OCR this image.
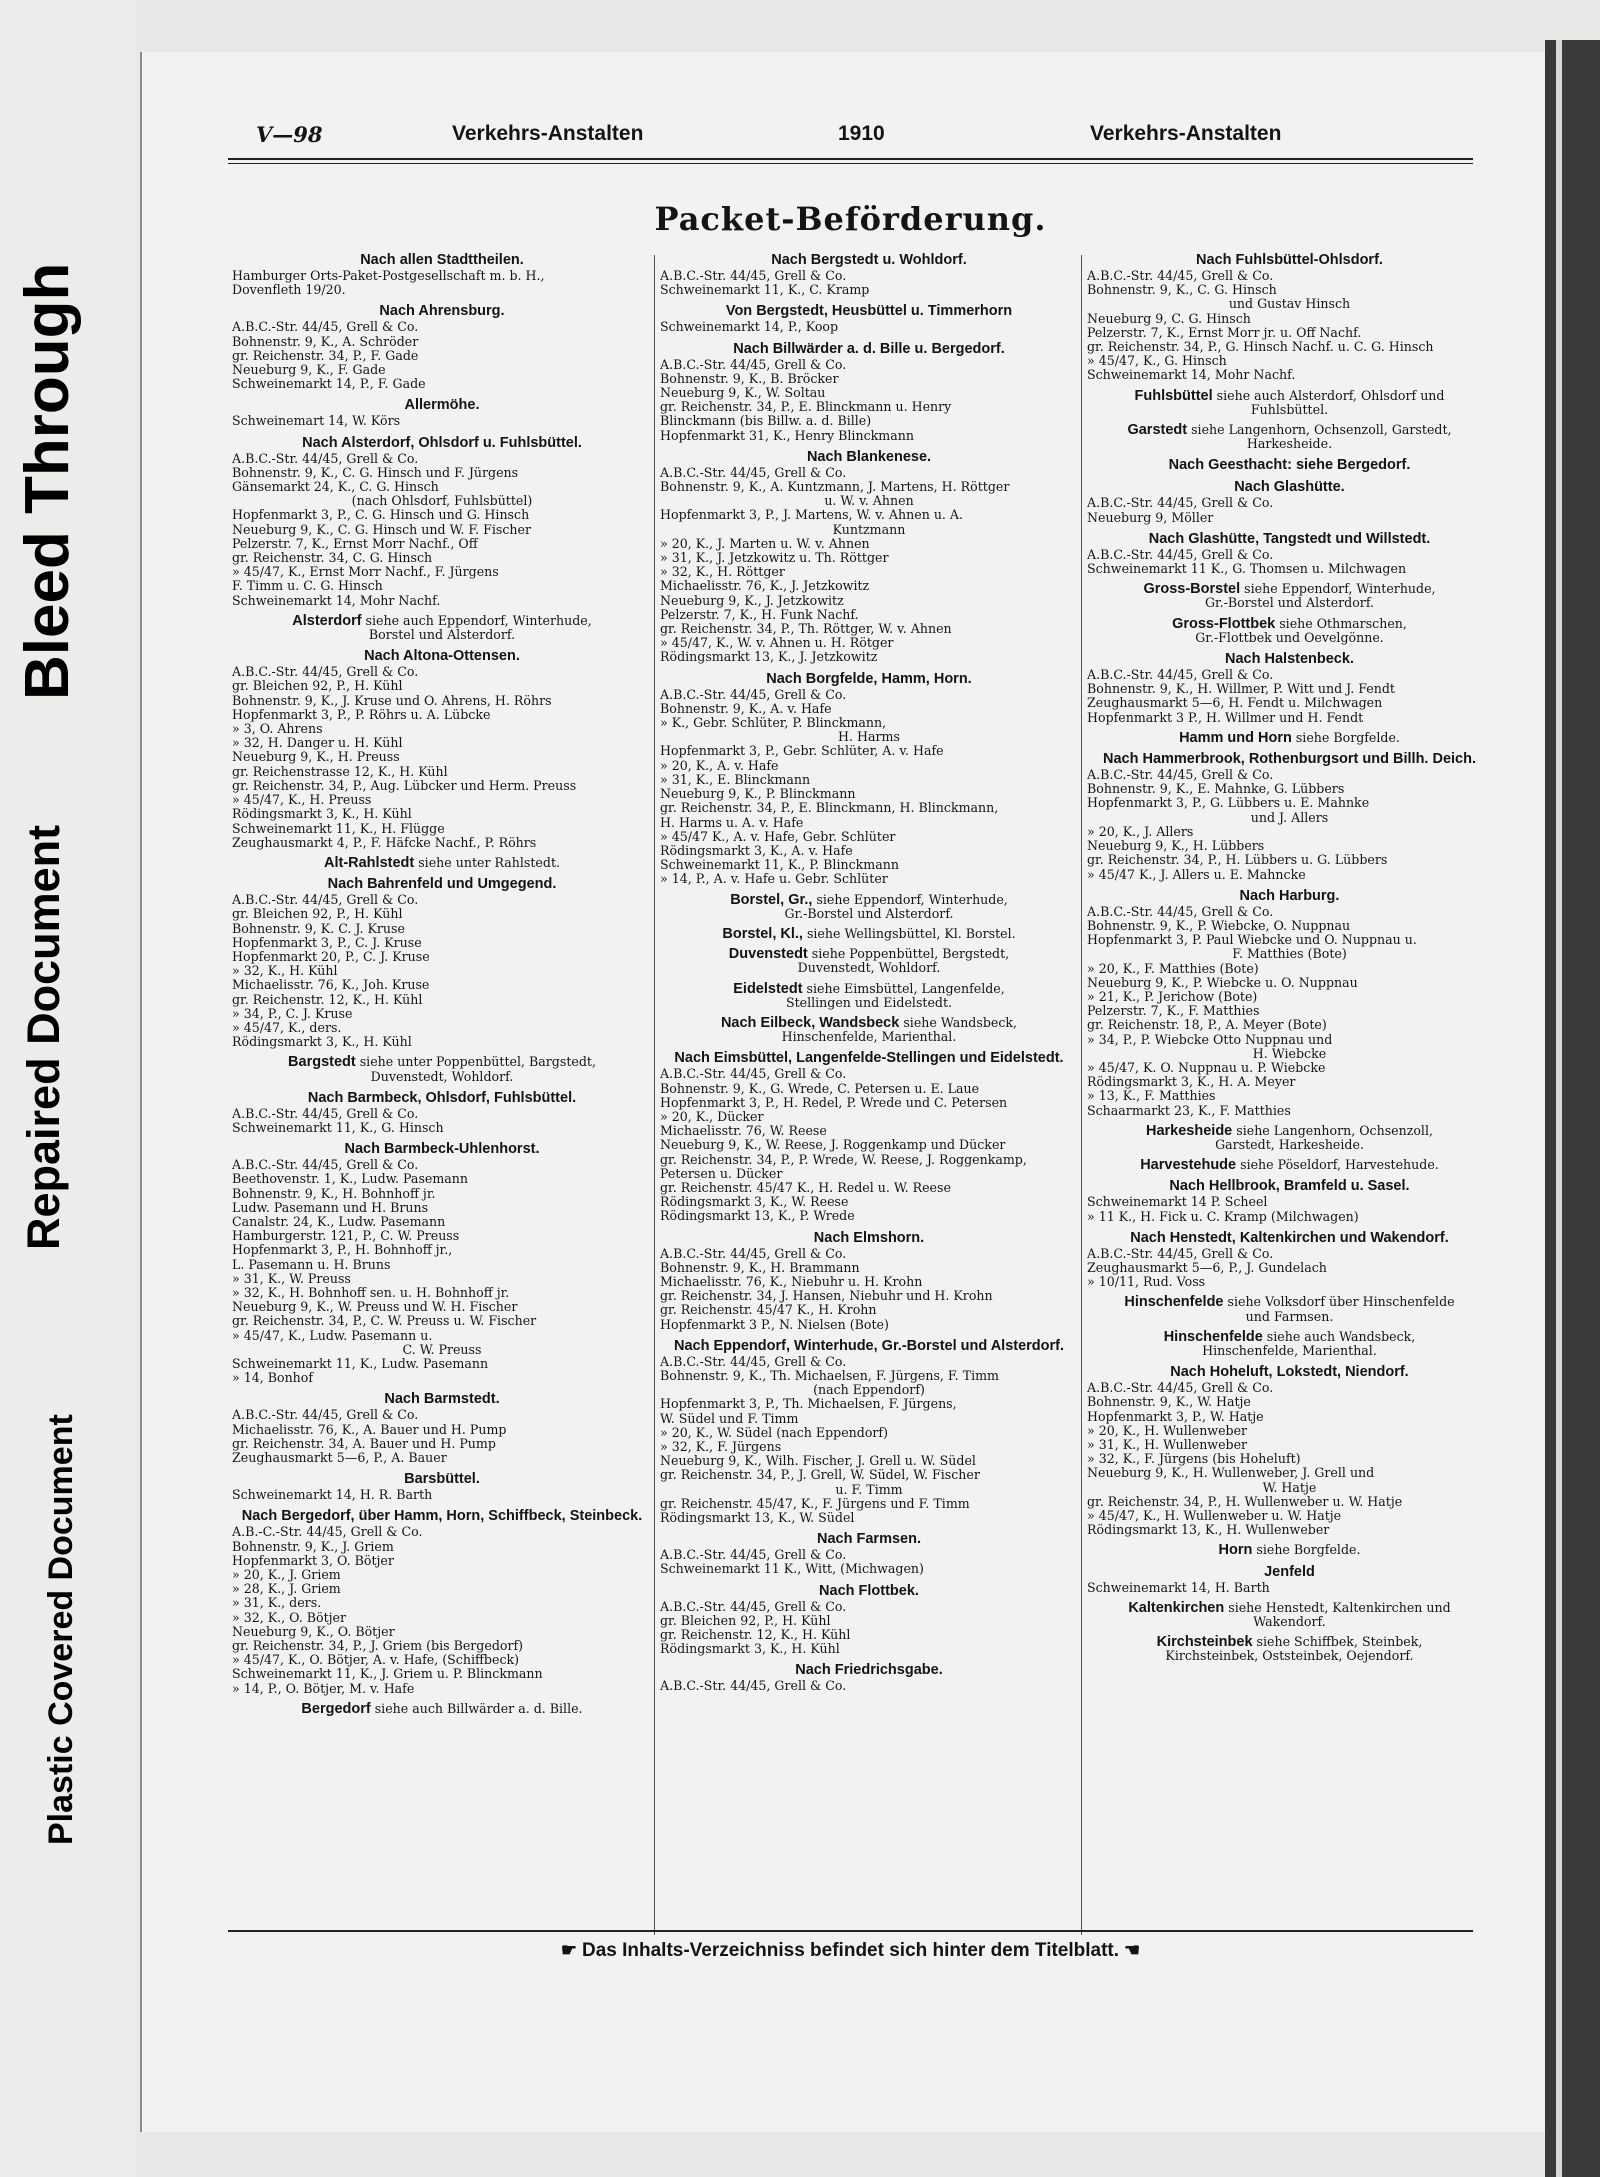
Bleed Through
Repaired Document
Plastic Covered Document
V—98	Verkehrs-Anstalten	1910	Verkehrs-Anstalten
Packet-Beförderung.
Nach allen Stadttheilen.
Hamburger Orts-Paket-Postgesellschaft m. b. H.,
Dovenfleth 19/20.
Nach Ahrensburg.
A.B.C.-Str. 44/45, Grell & Co.
Bohnenstr. 9, K., A. Schröder
gr. Reichenstr. 34, P., F. Gade
Neueburg 9, K., F. Gade
Schweinemarkt 14, P., F. Gade
Allermöhe.
Schweinemart 14, W. Körs
Nach Alsterdorf, Ohlsdorf u. Fuhlsbüttel.
A.B.C.-Str. 44/45, Grell & Co.
Bohnenstr. 9, K., C. G. Hinsch und F. Jürgens
Gänsemarkt 24, K., C. G. Hinsch
(nach Ohlsdorf, Fuhlsbüttel)
Hopfenmarkt 3, P., C. G. Hinsch und G. Hinsch
Neueburg 9, K., C. G. Hinsch und W. F. Fischer
Pelzerstr. 7, K., Ernst Morr Nachf., Off
gr. Reichenstr. 34, C. G. Hinsch
» 45/47, K., Ernst Morr Nachf., F. Jürgens
F. Timm u. C. G. Hinsch
Schweinemarkt 14, Mohr Nachf.
Alsterdorf siehe auch Eppendorf, Winterhude,
Borstel und Alsterdorf.
Nach Altona-Ottensen.
A.B.C.-Str. 44/45, Grell & Co.
gr. Bleichen 92, P., H. Kühl
Bohnenstr. 9, K., J. Kruse und O. Ahrens, H. Röhrs
Hopfenmarkt 3, P., P. Röhrs u. A. Lübcke
» 3, O. Ahrens
» 32, H. Danger u. H. Kühl
Neueburg 9, K., H. Preuss
gr. Reichenstrasse 12, K., H. Kühl
gr. Reichenstr. 34, P., Aug. Lübcker und Herm. Preuss
» 45/47, K., H. Preuss
Rödingsmarkt 3, K., H. Kühl
Schweinemarkt 11, K., H. Flügge
Zeughausmarkt 4, P., F. Häfcke Nachf., P. Röhrs
Alt-Rahlstedt siehe unter Rahlstedt.
Nach Bahrenfeld und Umgegend.
A.B.C.-Str. 44/45, Grell & Co.
gr. Bleichen 92, P., H. Kühl
Bohnenstr. 9, K. C. J. Kruse
Hopfenmarkt 3, P., C. J. Kruse
Hopfenmarkt 20, P., C. J. Kruse
» 32, K., H. Kühl
Michaelisstr. 76, K., Joh. Kruse
gr. Reichenstr. 12, K., H. Kühl
» 34, P., C. J. Kruse
» 45/47, K., ders.
Rödingsmarkt 3, K., H. Kühl
Bargstedt siehe unter Poppenbüttel, Bargstedt,
Duvenstedt, Wohldorf.
Nach Barmbeck, Ohlsdorf, Fuhlsbüttel.
A.B.C.-Str. 44/45, Grell & Co.
Schweinemarkt 11, K., G. Hinsch
Nach Barmbeck-Uhlenhorst.
A.B.C.-Str. 44/45, Grell & Co.
Beethovenstr. 1, K., Ludw. Pasemann
Bohnenstr. 9, K., H. Bohnhoff jr.
Ludw. Pasemann und H. Bruns
Canalstr. 24, K., Ludw. Pasemann
Hamburgerstr. 121, P., C. W. Preuss
Hopfenmarkt 3, P., H. Bohnhoff jr.,
L. Pasemann u. H. Bruns
» 31, K., W. Preuss
» 32, K., H. Bohnhoff sen. u. H. Bohnhoff jr.
Neueburg 9, K., W. Preuss und W. H. Fischer
gr. Reichenstr. 34, P., C. W. Preuss u. W. Fischer
» 45/47, K., Ludw. Pasemann u.
C. W. Preuss
Schweinemarkt 11, K., Ludw. Pasemann
» 14, Bonhof
Nach Barmstedt.
A.B.C.-Str. 44/45, Grell & Co.
Michaelisstr. 76, K., A. Bauer und H. Pump
gr. Reichenstr. 34, A. Bauer und H. Pump
Zeughausmarkt 5—6, P., A. Bauer
Barsbüttel.
Schweinemarkt 14, H. R. Barth
Nach Bergedorf, über Hamm, Horn, Schiffbeck, Steinbeck.
A.B.-C.-Str. 44/45, Grell & Co.
Bohnenstr. 9, K., J. Griem
Hopfenmarkt 3, O. Bötjer
» 20, K., J. Griem
» 28, K., J. Griem
» 31, K., ders.
» 32, K., O. Bötjer
Neueburg 9, K., O. Bötjer
gr. Reichenstr. 34, P., J. Griem (bis Bergedorf)
» 45/47, K., O. Bötjer, A. v. Hafe, (Schiffbeck)
Schweinemarkt 11, K., J. Griem u. P. Blinckmann
» 14, P., O. Bötjer, M. v. Hafe
Bergedorf siehe auch Billwärder a. d. Bille.
Nach Bergstedt u. Wohldorf.
A.B.C.-Str. 44/45, Grell & Co.
Schweinemarkt 11, K., C. Kramp
Von Bergstedt, Heusbüttel u. Timmerhorn
Schweinemarkt 14, P., Koop
Nach Billwärder a. d. Bille u. Bergedorf.
A.B.C.-Str. 44/45, Grell & Co.
Bohnenstr. 9, K., B. Bröcker
Neueburg 9, K., W. Soltau
gr. Reichenstr. 34, P., E. Blinckmann u. Henry
Blinckmann (bis Billw. a. d. Bille)
Hopfenmarkt 31, K., Henry Blinckmann
Nach Blankenese.
A.B.C.-Str. 44/45, Grell & Co.
Bohnenstr. 9, K., A. Kuntzmann, J. Martens, H. Röttger
u. W. v. Ahnen
Hopfenmarkt 3, P., J. Martens, W. v. Ahnen u. A.
Kuntzmann
» 20, K., J. Marten u. W. v. Ahnen
» 31, K., J. Jetzkowitz u. Th. Röttger
» 32, K., H. Röttger
Michaelisstr. 76, K., J. Jetzkowitz
Neueburg 9, K., J. Jetzkowitz
Pelzerstr. 7, K., H. Funk Nachf.
gr. Reichenstr. 34, P., Th. Röttger, W. v. Ahnen
» 45/47, K., W. v. Ahnen u. H. Rötger
Rödingsmarkt 13, K., J. Jetzkowitz
Nach Borgfelde, Hamm, Horn.
A.B.C.-Str. 44/45, Grell & Co.
Bohnenstr. 9, K., A. v. Hafe
» K., Gebr. Schlüter, P. Blinckmann,
H. Harms
Hopfenmarkt 3, P., Gebr. Schlüter, A. v. Hafe
» 20, K., A. v. Hafe
» 31, K., E. Blinckmann
Neueburg 9, K., P. Blinckmann
gr. Reichenstr. 34, P., E. Blinckmann, H. Blinckmann,
H. Harms u. A. v. Hafe
» 45/47 K., A. v. Hafe, Gebr. Schlüter
Rödingsmarkt 3, K., A. v. Hafe
Schweinemarkt 11, K., P. Blinckmann
» 14, P., A. v. Hafe u. Gebr. Schlüter
Borstel, Gr., siehe Eppendorf, Winterhude,
Gr.-Borstel und Alsterdorf.
Borstel, Kl., siehe Wellingsbüttel, Kl. Borstel.
Duvenstedt siehe Poppenbüttel, Bergstedt,
Duvenstedt, Wohldorf.
Eidelstedt siehe Eimsbüttel, Langenfelde,
Stellingen und Eidelstedt.
Nach Eilbeck, Wandsbeck siehe Wandsbeck,
Hinschenfelde, Marienthal.
Nach Eimsbüttel, Langenfelde-Stellingen und Eidelstedt.
A.B.C.-Str. 44/45, Grell & Co.
Bohnenstr. 9, K., G. Wrede, C. Petersen u. E. Laue
Hopfenmarkt 3, P., H. Redel, P. Wrede und C. Petersen
» 20, K., Dücker
Michaelisstr. 76, W. Reese
Neueburg 9, K., W. Reese, J. Roggenkamp und Dücker
gr. Reichenstr. 34, P., P. Wrede, W. Reese, J. Roggenkamp,
Petersen u. Dücker
gr. Reichenstr. 45/47 K., H. Redel u. W. Reese
Rödingsmarkt 3, K., W. Reese
Rödingsmarkt 13, K., P. Wrede
Nach Elmshorn.
A.B.C.-Str. 44/45, Grell & Co.
Bohnenstr. 9, K., H. Brammann
Michaelisstr. 76, K., Niebuhr u. H. Krohn
gr. Reichenstr. 34, J. Hansen, Niebuhr und H. Krohn
gr. Reichenstr. 45/47 K., H. Krohn
Hopfenmarkt 3 P., N. Nielsen (Bote)
Nach Eppendorf, Winterhude, Gr.-Borstel und Alsterdorf.
A.B.C.-Str. 44/45, Grell & Co.
Bohnenstr. 9, K., Th. Michaelsen, F. Jürgens, F. Timm
(nach Eppendorf)
Hopfenmarkt 3, P., Th. Michaelsen, F. Jürgens,
W. Südel und F. Timm
» 20, K., W. Südel (nach Eppendorf)
» 32, K., F. Jürgens
Neueburg 9, K., Wilh. Fischer, J. Grell u. W. Südel
gr. Reichenstr. 34, P., J. Grell, W. Südel, W. Fischer
u. F. Timm
gr. Reichenstr. 45/47, K., F. Jürgens und F. Timm
Rödingsmarkt 13, K., W. Südel
Nach Farmsen.
A.B.C.-Str. 44/45, Grell & Co.
Schweinemarkt 11 K., Witt, (Michwagen)
Nach Flottbek.
A.B.C.-Str. 44/45, Grell & Co.
gr. Bleichen 92, P., H. Kühl
gr. Reichenstr. 12, K., H. Kühl
Rödingsmarkt 3, K., H. Kühl
Nach Friedrichsgabe.
A.B.C.-Str. 44/45, Grell & Co.
Nach Fuhlsbüttel-Ohlsdorf.
A.B.C.-Str. 44/45, Grell & Co.
Bohnenstr. 9, K., C. G. Hinsch
und Gustav Hinsch
Neueburg 9, C. G. Hinsch
Pelzerstr. 7, K., Ernst Morr jr. u. Off Nachf.
gr. Reichenstr. 34, P., G. Hinsch Nachf. u. C. G. Hinsch
» 45/47, K., G. Hinsch
Schweinemarkt 14, Mohr Nachf.
Fuhlsbüttel siehe auch Alsterdorf, Ohlsdorf und
Fuhlsbüttel.
Garstedt siehe Langenhorn, Ochsenzoll, Garstedt,
Harkesheide.
Nach Geesthacht: siehe Bergedorf.
Nach Glashütte.
A.B.C.-Str. 44/45, Grell & Co.
Neueburg 9, Möller
Nach Glashütte, Tangstedt und Willstedt.
A.B.C.-Str. 44/45, Grell & Co.
Schweinemarkt 11 K., G. Thomsen u. Milchwagen
Gross-Borstel siehe Eppendorf, Winterhude,
Gr.-Borstel und Alsterdorf.
Gross-Flottbek siehe Othmarschen,
Gr.-Flottbek und Oevelgönne.
Nach Halstenbeck.
A.B.C.-Str. 44/45, Grell & Co.
Bohnenstr. 9, K., H. Willmer, P. Witt und J. Fendt
Zeughausmarkt 5—6, H. Fendt u. Milchwagen
Hopfenmarkt 3 P., H. Willmer und H. Fendt
Hamm und Horn siehe Borgfelde.
Nach Hammerbrook, Rothenburgsort und Billh. Deich.
A.B.C.-Str. 44/45, Grell & Co.
Bohnenstr. 9, K., E. Mahnke, G. Lübbers
Hopfenmarkt 3, P., G. Lübbers u. E. Mahnke
und J. Allers
» 20, K., J. Allers
Neueburg 9, K., H. Lübbers
gr. Reichenstr. 34, P., H. Lübbers u. G. Lübbers
» 45/47 K., J. Allers u. E. Mahncke
Nach Harburg.
A.B.C.-Str. 44/45, Grell & Co.
Bohnenstr. 9, K., P. Wiebcke, O. Nuppnau
Hopfenmarkt 3, P. Paul Wiebcke und O. Nuppnau u.
F. Matthies (Bote)
» 20, K., F. Matthies (Bote)
Neueburg 9, K., P. Wiebcke u. O. Nuppnau
» 21, K., P. Jerichow (Bote)
Pelzerstr. 7, K., F. Matthies
gr. Reichenstr. 18, P., A. Meyer (Bote)
» 34, P., P. Wiebcke Otto Nuppnau und
H. Wiebcke
» 45/47, K. O. Nuppnau u. P. Wiebcke
Rödingsmarkt 3, K., H. A. Meyer
» 13, K., F. Matthies
Schaarmarkt 23, K., F. Matthies
Harkesheide siehe Langenhorn, Ochsenzoll,
Garstedt, Harkesheide.
Harvestehude siehe Pöseldorf, Harvestehude.
Nach Hellbrook, Bramfeld u. Sasel.
Schweinemarkt 14 P. Scheel
» 11 K., H. Fick u. C. Kramp (Milchwagen)
Nach Henstedt, Kaltenkirchen und Wakendorf.
A.B.C.-Str. 44/45, Grell & Co.
Zeughausmarkt 5—6, P., J. Gundelach
» 10/11, Rud. Voss
Hinschenfelde siehe Volksdorf über Hinschenfelde
und Farmsen.
Hinschenfelde siehe auch Wandsbeck,
Hinschenfelde, Marienthal.
Nach Hoheluft, Lokstedt, Niendorf.
A.B.C.-Str. 44/45, Grell & Co.
Bohnenstr. 9, K., W. Hatje
Hopfenmarkt 3, P., W. Hatje
» 20, K., H. Wullenweber
» 31, K., H. Wullenweber
» 32, K., F. Jürgens (bis Hoheluft)
Neueburg 9, K., H. Wullenweber, J. Grell und
W. Hatje
gr. Reichenstr. 34, P., H. Wullenweber u. W. Hatje
» 45/47, K., H. Wullenweber u. W. Hatje
Rödingsmarkt 13, K., H. Wullenweber
Horn siehe Borgfelde.
Jenfeld
Schweinemarkt 14, H. Barth
Kaltenkirchen siehe Henstedt, Kaltenkirchen und
Wakendorf.
Kirchsteinbek siehe Schiffbek, Steinbek,
Kirchsteinbek, Oststeinbek, Oejendorf.
☛ Das Inhalts-Verzeichniss befindet sich hinter dem Titelblatt. ☚
